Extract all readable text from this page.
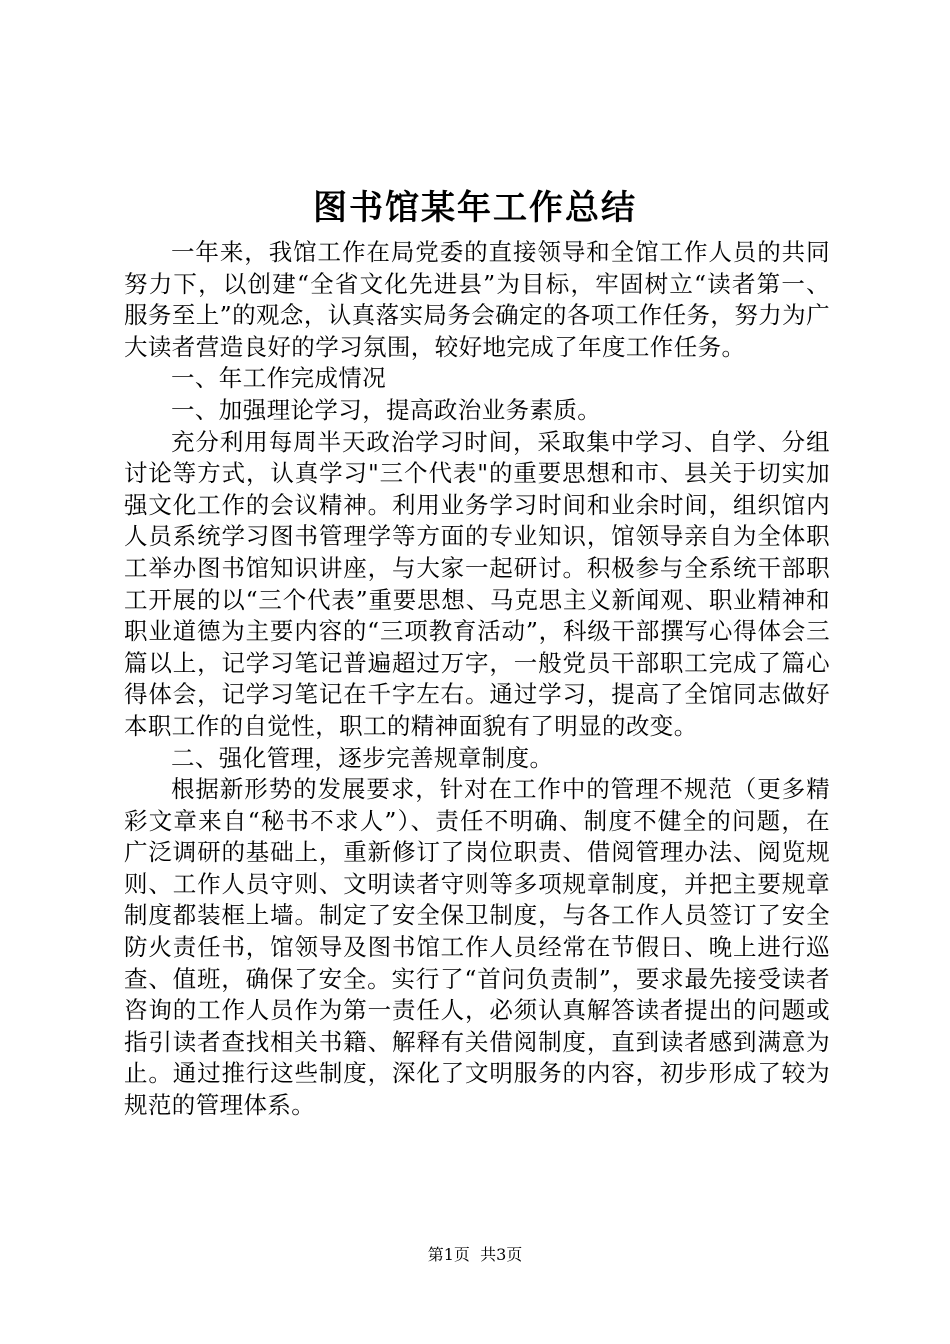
图书馆某年工作总结

一年来，我馆工作在局党委的直接领导和全馆工作人员的共同努力下，以创建“全省文化先进县”为目标，牢固树立“读者第一、服务至上”的观念，认真落实局务会确定的各项工作任务，努力为广大读者营造良好的学习氛围，较好地完成了年度工作任务。

一、年工作完成情况

一、加强理论学习，提高政治业务素质。

充分利用每周半天政治学习时间，采取集中学习、自学、分组讨论等方式，认真学习"三个代表"的重要思想和市、县关于切实加强文化工作的会议精神。利用业务学习时间和业余时间，组织馆内人员系统学习图书管理学等方面的专业知识，馆领导亲自为全体职工举办图书馆知识讲座，与大家一起研讨。积极参与全系统干部职工开展的以“三个代表”重要思想、马克思主义新闻观、职业精神和职业道德为主要内容的“三项教育活动”，科级干部撰写心得体会三篇以上，记学习笔记普遍超过万字，一般党员干部职工完成了篇心得体会，记学习笔记在千字左右。通过学习，提高了全馆同志做好本职工作的自觉性，职工的精神面貌有了明显的改变。

二、强化管理，逐步完善规章制度。

根据新形势的发展要求，针对在工作中的管理不规范（更多精彩文章来自“秘书不求人”）、责任不明确、制度不健全的问题，在广泛调研的基础上，重新修订了岗位职责、借阅管理办法、阅览规则、工作人员守则、文明读者守则等多项规章制度，并把主要规章制度都装框上墙。制定了安全保卫制度，与各工作人员签订了安全防火责任书，馆领导及图书馆工作人员经常在节假日、晚上进行巡查、值班，确保了安全。实行了“首问负责制”，要求最先接受读者咨询的工作人员作为第一责任人，必须认真解答读者提出的问题或指引读者查找相关书籍、解释有关借阅制度，直到读者感到满意为止。通过推行这些制度，深化了文明服务的内容，初步形成了较为规范的管理体系。

第1页  共3页
